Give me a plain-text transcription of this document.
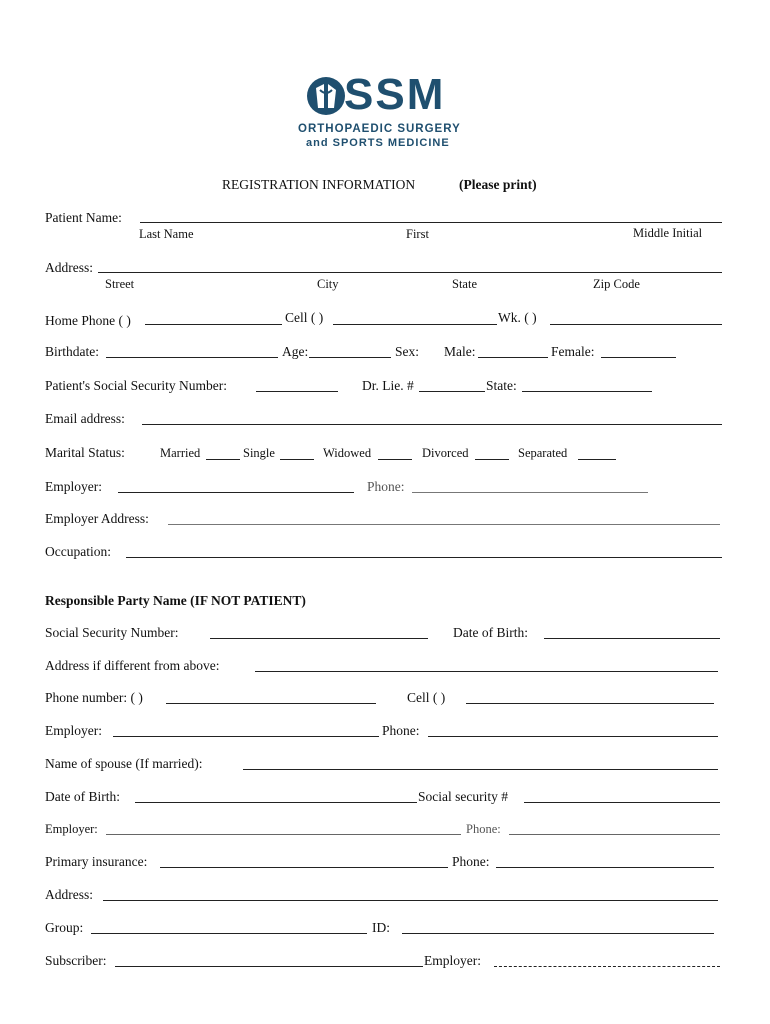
SSM
ORTHOPAEDIC SURGERY
and SPORTS MEDICINE
REGISTRATION INFORMATION	(Please print)
Patient Name:
Last Name	First	Middle Initial
Address:
Street	City	State	Zip Code
Home Phone ( )	Cell ( )	Wk. ( )
Birthdate:	Age:	Sex: Male:	Female:
Patient's Social Security Number:	Dr. Lie. #	State:
Email address:
Marital Status:	Married	Single	Widowed	Divorced	Separated
Employer:	Phone:
Employer Address:
Occupation:
Responsible Party Name (IF NOT PATIENT)
Social Security Number:	Date of Birth:
Address if different from above:
Phone number: ( )	Cell ( )
Employer:	Phone:
Name of spouse (If married):
Date of Birth:	Social security #
Employer:	Phone:
Primary insurance:	Phone:
Address:
Group:	ID:
Subscriber:	Employer:
